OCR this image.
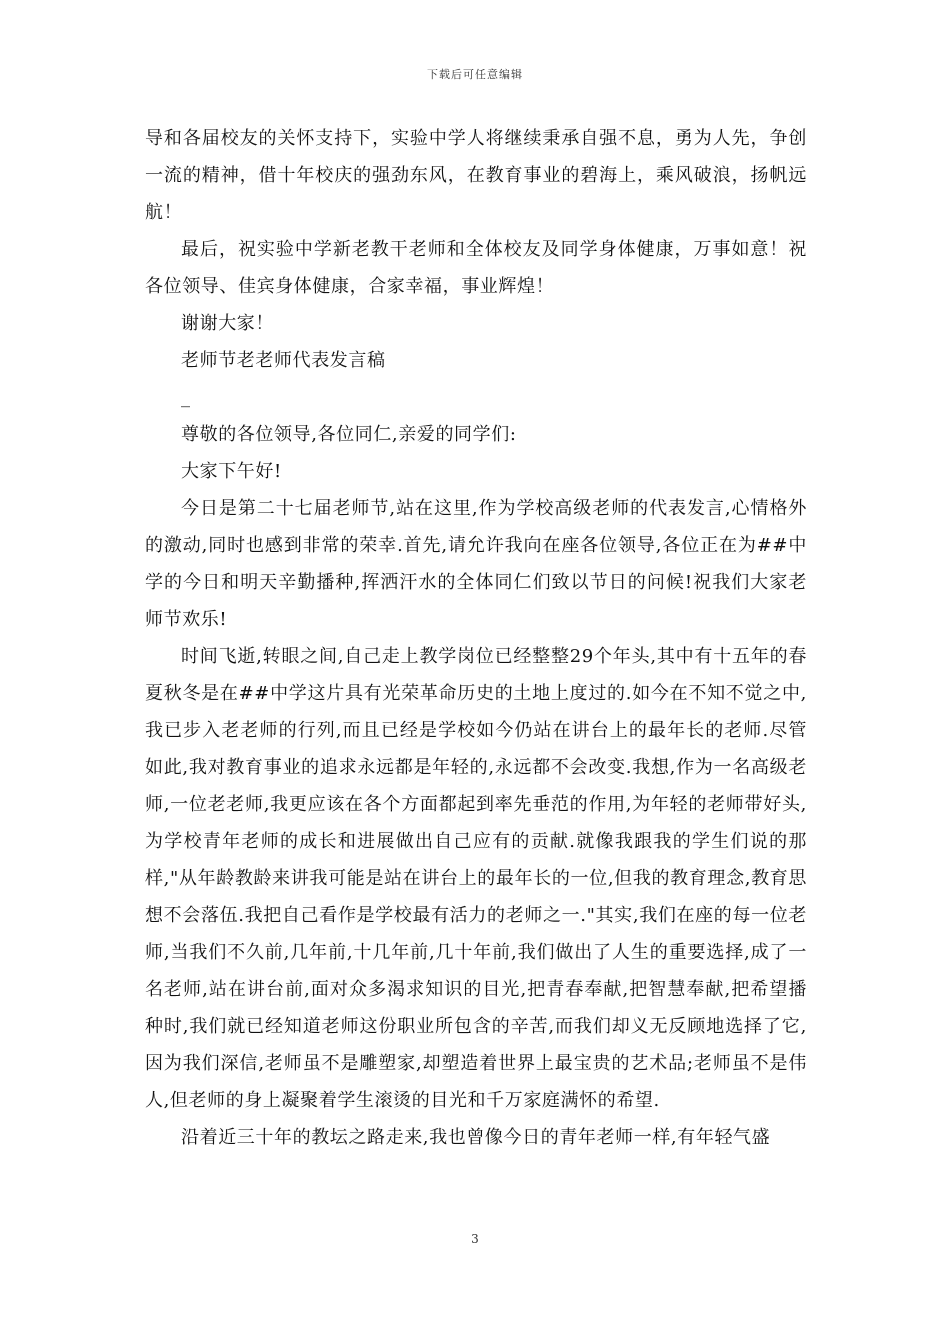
下载后可任意编辑

导和各届校友的关怀支持下，实验中学人将继续秉承自强不息，勇为人先，争创一流的精神，借十年校庆的强劲东风，在教育事业的碧海上，乘风破浪，扬帆远航！

最后，祝实验中学新老教干老师和全体校友及同学身体健康，万事如意！祝各位领导、佳宾身体健康，合家幸福，事业辉煌！

谢谢大家！

老师节老老师代表发言稿

_

尊敬的各位领导,各位同仁,亲爱的同学们:

大家下午好!

今日是第二十七届老师节,站在这里,作为学校高级老师的代表发言,心情格外的激动,同时也感到非常的荣幸.首先,请允许我向在座各位领导,各位正在为##中学的今日和明天辛勤播种,挥洒汗水的全体同仁们致以节日的问候!祝我们大家老师节欢乐!

时间飞逝,转眼之间,自己走上教学岗位已经整整29个年头,其中有十五年的春夏秋冬是在##中学这片具有光荣革命历史的土地上度过的.如今在不知不觉之中,我已步入老老师的行列,而且已经是学校如今仍站在讲台上的最年长的老师.尽管如此,我对教育事业的追求永远都是年轻的,永远都不会改变.我想,作为一名高级老师,一位老老师,我更应该在各个方面都起到率先垂范的作用,为年轻的老师带好头,为学校青年老师的成长和进展做出自己应有的贡献.就像我跟我的学生们说的那样,"从年龄教龄来讲我可能是站在讲台上的最年长的一位,但我的教育理念,教育思想不会落伍.我把自己看作是学校最有活力的老师之一."其实,我们在座的每一位老师,当我们不久前,几年前,十几年前,几十年前,我们做出了人生的重要选择,成了一名老师,站在讲台前,面对众多渴求知识的目光,把青春奉献,把智慧奉献,把希望播种时,我们就已经知道老师这份职业所包含的辛苦,而我们却义无反顾地选择了它,因为我们深信,老师虽不是雕塑家,却塑造着世界上最宝贵的艺术品;老师虽不是伟人,但老师的身上凝聚着学生滚烫的目光和千万家庭满怀的希望.

沿着近三十年的教坛之路走来,我也曾像今日的青年老师一样,有年轻气盛

3
